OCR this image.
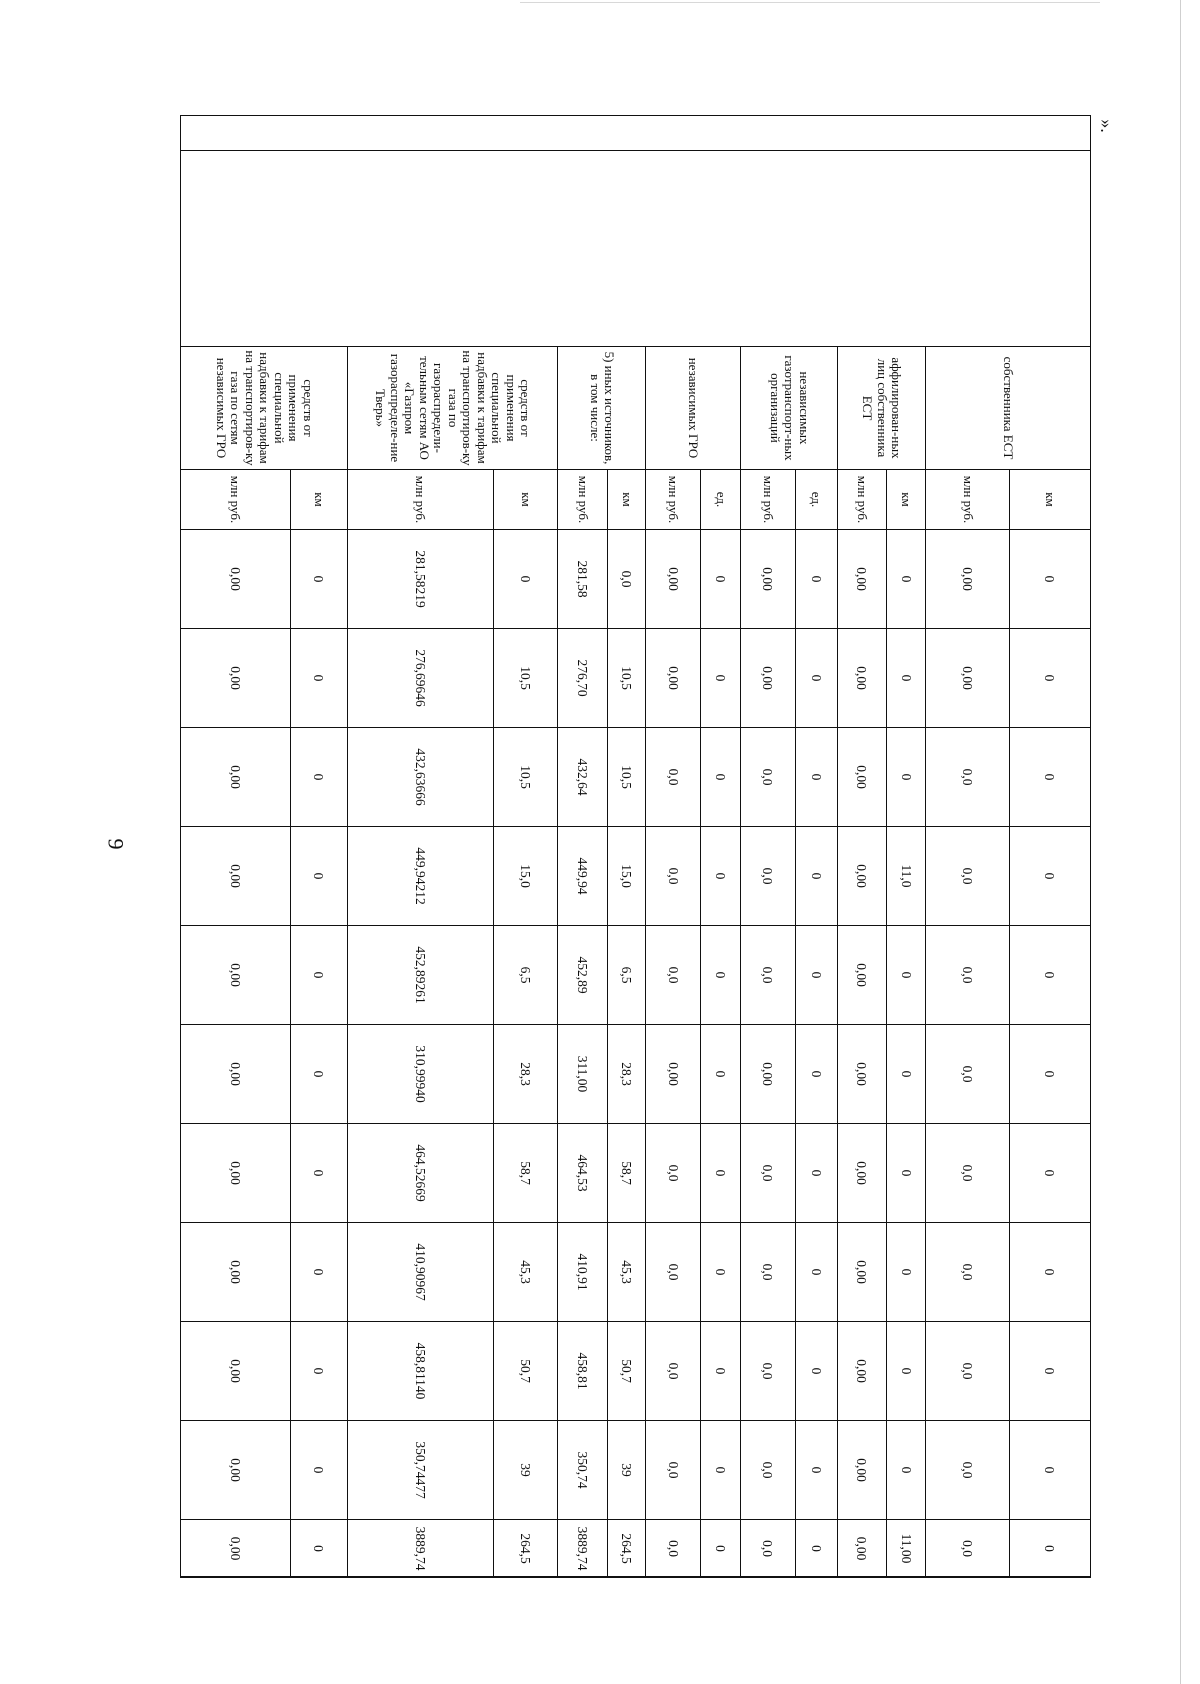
9
».
		собственника ЕСТ	км	0	0	0	0	0	0	0	0	0	0	0
			млн руб.	0,00	0,00	0,0	0,0	0,0	0,0	0,0	0,0	0,0	0,0	0,0
		аффилирован-ных лиц собственника ЕСТ	км	0	0	0	11,0	0	0	0	0	0	0	11,00
			млн руб.	0,00	0,00	0,00	0,00	0,00	0,00	0,00	0,00	0,00	0,00	0,00
		независимых газотранспорт-ных организаций	ед.	0	0	0	0	0	0	0	0	0	0	0
			млн руб.	0,00	0,00	0,0	0,0	0,0	0,00	0,0	0,0	0,0	0,0	0,0
		независимых ГРО	ед.	0	0	0	0	0	0	0	0	0	0	0
			млн руб.	0,00	0,00	0,0	0,0	0,0	0,00	0,0	0,0	0,0	0,0	0,0
		5) иных источников, в том числе:	км	0,0	10,5	10,5	15,0	6,5	28,3	58,7	45,3	50,7	39	264,5
			млн руб.	281,58	276,70	432,64	449,94	452,89	311,00	464,53	410,91	458,81	350,74	3889,74
		средств от применения специальной надбавки к тарифам на транспортиров-ку газа по газораспредели-тельным сетям АО «Газпром газораспределе-ние Тверь»	км	0	10,5	10,5	15,0	6,5	28,3	58,7	45,3	50,7	39	264,5
			млн руб.	281,58219	276,69646	432,63666	449,94212	452,89261	310,99940	464,52669	410,90967	458,81140	350,74477	3889,74
		средств от применения специальной надбавки к тарифам на транспортиров-ку газа по сетям независимых ГРО	км	0	0	0	0	0	0	0	0	0	0	0
			млн руб.	0,00	0,00	0,00	0,00	0,00	0,00	0,00	0,00	0,00	0,00	0,00
